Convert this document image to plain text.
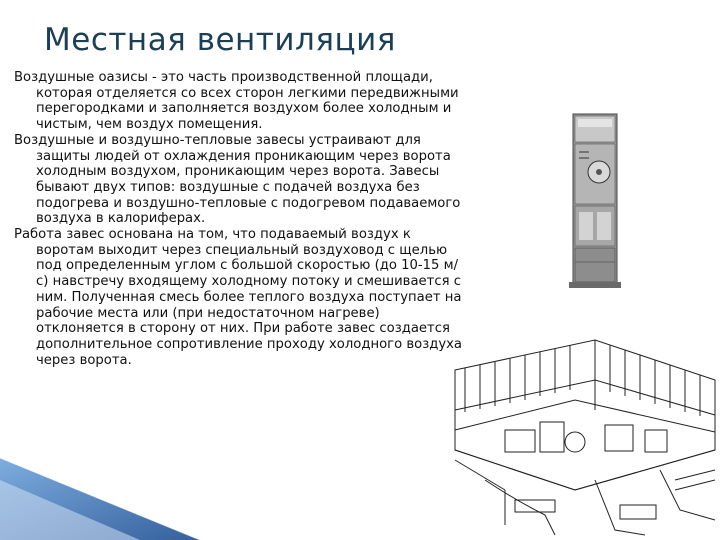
Местная вентиляция

Воздушные оазисы - это часть производственной площади, которая отделяется со всех сторон легкими передвижными перегородками и заполняется воздухом более холодным и чистым, чем воздух помещения.

Воздушные и воздушно-тепловые завесы устраивают для защиты людей от охлаждения проникающим через ворота холодным воздухом, проникающим через ворота. Завесы бывают двух типов: воздушные с подачей воздуха без подогрева и воздушно-тепловые с подогревом подаваемого воздуха в калориферах.

Работа завес основана на том, что подаваемый воздух к воротам выходит через специальный воздуховод с щелью под определенным углом с большой скоростью (до 10-15 м/с) навстречу входящему холодному потоку и смешивается с ним. Полученная смесь более теплого воздуха поступает на рабочие места или (при недостаточном нагреве) отклоняется в сторону от них. При работе завес создается дополнительное сопротивление проходу холодного воздуха через ворота.
